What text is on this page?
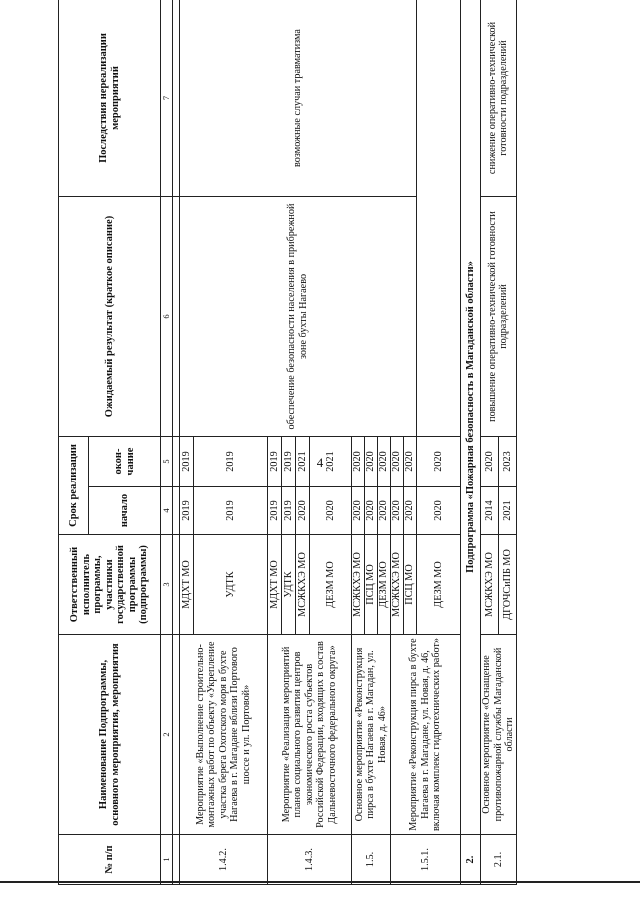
4
№ п/п	Наименование Подпрограммы, основного мероприятия, мероприятия	Ответственный исполнитель программы, участники государственной программы (подпрограммы)	Срок реализации		Ожидаемый результат (краткое описание)	Последствия нереализации мероприятий
			начало	окон-чание		
1	2	3	4	5	6	7

1.4.2.	Мероприятие «Выполнение строительно-монтажных работ по объекту «Укрепление участка берега Охотского моря в бухте Нагаева в г. Магадане вблизи Портового шоссе и ул. Портовой»	МДХТ МО	2019	2019	обеспечение безопасности населения в прибрежной зоне бухты Нагаево	возможные случаи травматизма
		УДТК	2019	2019		
1.4.3.	Мероприятие «Реализация мероприятий планов социального развития центров экономического роста субъектов Российской Федерации, входящих в состав Дальневосточного федерального округа»	МДХТ МО	2019	2019		
		УДТК	2019	2019		
		МСЖКХЭ МО	2020	2021		
		ДЕЗМ МО	2020	2021		
1.5.	Основное мероприятие «Реконструкция пирса в бухте Нагаева в г. Магадан, ул. Новая, д. 46»	МСЖКХЭ МО	2020	2020		
		ПСЦ МО	2020	2020		
		ДЕЗМ МО	2020	2020		
1.5.1.	Мероприятие «Реконструкция пирса в бухте Нагаева в г. Магадане, ул. Новая, д. 46, включая комплекс гидротехнических работ»	МСЖКХЭ МО	2020	2020		
		ПСЦ МО	2020	2020		
		ДЕЗМ МО	2020	2020		
2.	Подпрограмма «Пожарная безопасность в Магаданской области»					
2.1.	Основное мероприятие «Оснащение противопожарной службы Магаданской области	МСЖКХЭ МО	2014	2020	повышение оперативно-технической готовности подразделений	снижение оперативно-технической готовности подразделений
		ДГОЧСиПБ МО	2021	2023		
